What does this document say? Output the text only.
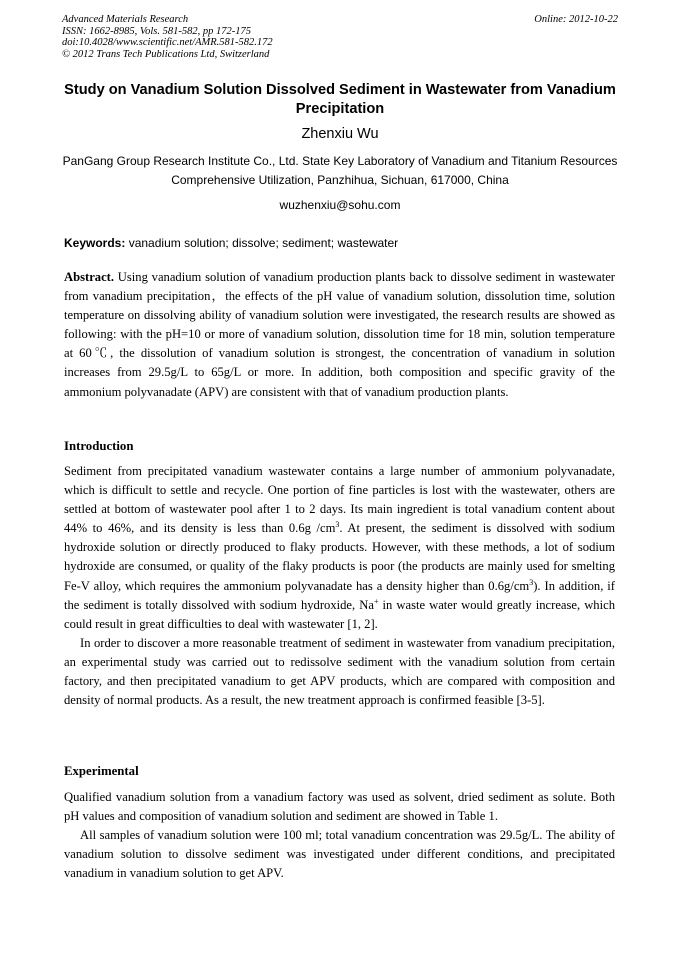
Advanced Materials Research
ISSN: 1662-8985, Vols. 581-582, pp 172-175
doi:10.4028/www.scientific.net/AMR.581-582.172
© 2012 Trans Tech Publications Ltd, Switzerland
Online: 2012-10-22
Study on Vanadium Solution Dissolved Sediment in Wastewater from Vanadium Precipitation
Zhenxiu Wu
PanGang Group Research Institute Co., Ltd. State Key Laboratory of Vanadium and Titanium Resources Comprehensive Utilization, Panzhihua, Sichuan, 617000, China
wuzhenxiu@sohu.com
Keywords: vanadium solution; dissolve; sediment; wastewater
Abstract. Using vanadium solution of vanadium production plants back to dissolve sediment in wastewater from vanadium precipitation，the effects of the pH value of vanadium solution, dissolution time, solution temperature on dissolving ability of vanadium solution were investigated, the research results are showed as following: with the pH=10 or more of vanadium solution, dissolution time for 18 min, solution temperature at 60℃, the dissolution of vanadium solution is strongest, the concentration of vanadium in solution increases from 29.5g/L to 65g/L or more. In addition, both composition and specific gravity of the ammonium polyvanadate (APV) are consistent with that of vanadium production plants.
Introduction

Sediment from precipitated vanadium wastewater contains a large number of ammonium polyvanadate, which is difficult to settle and recycle. One portion of fine particles is lost with the wastewater, others are settled at bottom of wastewater pool after 1 to 2 days. Its main ingredient is total vanadium content about 44% to 46%, and its density is less than 0.6g $/cm^3$. At present, the sediment is dissolved with sodium hydroxide solution or directly produced to flaky products. However, with these methods, a lot of sodium hydroxide are consumed, or quality of the flaky products is poor (the products are mainly used for smelting Fe-V alloy, which requires the ammonium polyvanadate has a density higher than $0.6g/cm^3$). In addition, if the sediment is totally dissolved with sodium hydroxide, Na+ in waste water would greatly increase, which could result in great difficulties to deal with wastewater [1, 2].

In order to discover a more reasonable treatment of sediment in wastewater from vanadium precipitation, an experimental study was carried out to redissolve sediment with the vanadium solution from certain factory, and then precipitated vanadium to get APV products, which are compared with composition and density of normal products. As a result, the new treatment approach is confirmed feasible [3-5].

Experimental

Qualified vanadium solution from a vanadium factory was used as solvent, dried sediment as solute. Both pH values and composition of vanadium solution and sediment are showed in Table 1.

All samples of vanadium solution were 100 ml; total vanadium concentration was 29.5g/L. The ability of vanadium solution to dissolve sediment was investigated under different conditions, and precipitated vanadium in vanadium solution to get APV.
